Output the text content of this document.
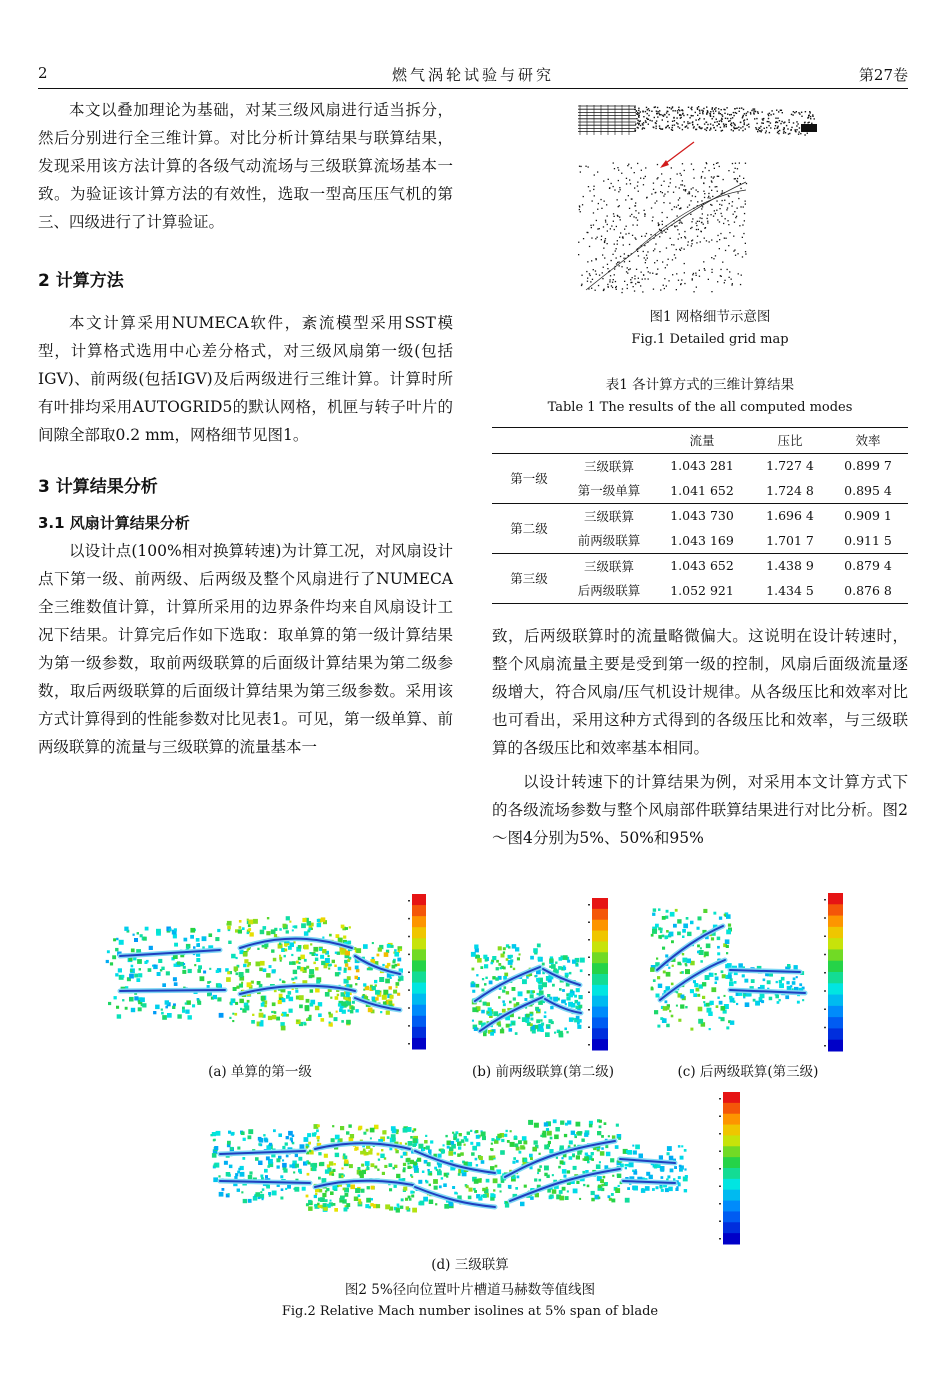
2	燃气涡轮试验与研究	第27卷

本文以叠加理论为基础，对某三级风扇进行适当拆分，然后分别进行全三维计算。对比分析计算结果与联算结果，发现采用该方法计算的各级气动流场与三级联算流场基本一致。为验证该计算方法的有效性，选取一型高压压气机的第三、四级进行了计算验证。

2 计算方法

本文计算采用NUMECA软件，紊流模型采用SST模型，计算格式选用中心差分格式，对三级风扇第一级(包括IGV)、前两级(包括IGV)及后两级进行三维计算。计算时所有叶排均采用AUTOGRID5的默认网格，机匣与转子叶片的间隙全部取0.2 mm，网格细节见图1。

3 计算结果分析
3.1 风扇计算结果分析

以设计点(100%相对换算转速)为计算工况，对风扇设计点下第一级、前两级、后两级及整个风扇进行了NUMECA全三维数值计算，计算所采用的边界条件均来自风扇设计工况下结果。计算完后作如下选取：取单算的第一级计算结果为第一级参数，取前两级联算的后面级计算结果为第二级参数，取后两级联算的后面级计算结果为第三级参数。采用该方式计算得到的性能参数对比见表1。可见，第一级单算、前两级联算的流量与三级联算的流量基本一

图1 网格细节示意图
Fig.1 Detailed grid map
表1 各计算方式的三维计算结果
Table 1 The results of the all computed modes
		流量	压比	效率
第一级	三级联算	1.043 281	1.727 4	0.899 7
	第一级单算	1.041 652	1.724 8	0.895 4
第二级	三级联算	1.043 730	1.696 4	0.909 1
	前两级联算	1.043 169	1.701 7	0.911 5
第三级	三级联算	1.043 652	1.438 9	0.879 4
	后两级联算	1.052 921	1.434 5	0.876 8

致，后两级联算时的流量略微偏大。这说明在设计转速时，整个风扇流量主要是受到第一级的控制，风扇后面级流量逐级增大，符合风扇/压气机设计规律。从各级压比和效率对比也可看出，采用这种方式得到的各级压比和效率，与三级联算的各级压比和效率基本相同。

以设计转速下的计算结果为例，对采用本文计算方式下的各级流场参数与整个风扇部件联算结果进行对比分析。图2～图4分别为5%、50%和95%

(a) 单算的第一级	(b) 前两级联算(第二级)	(c) 后两级联算(第三级)
(d) 三级联算
图2 5%径向位置叶片槽道马赫数等值线图
Fig.2 Relative Mach number isolines at 5% span of blade
